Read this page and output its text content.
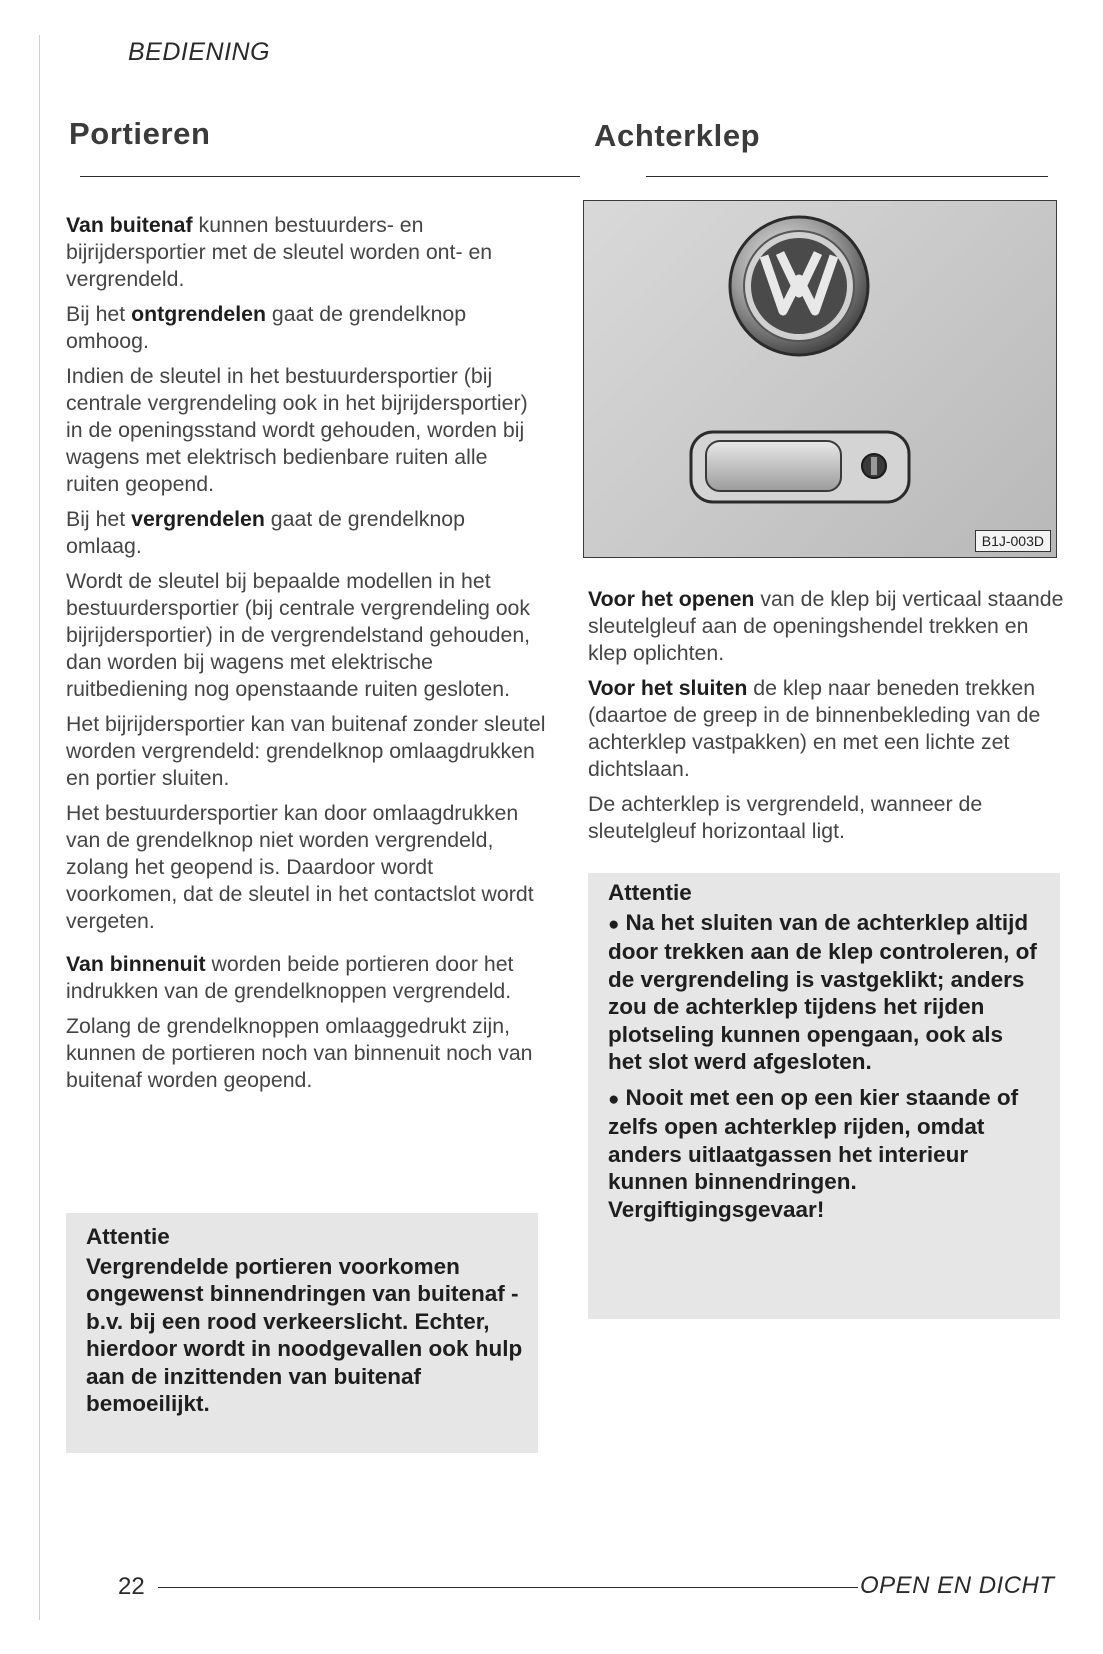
BEDIENING
Portieren

Van buitenaf kunnen bestuurders- en bijrijdersportier met de sleutel worden ont- en vergrendeld.

Bij het ontgrendelen gaat de grendelknop omhoog.

Indien de sleutel in het bestuurdersportier (bij centrale vergrendeling ook in het bijrijdersportier) in de openingsstand wordt gehouden, worden bij wagens met elektrisch bedienbare ruiten alle ruiten geopend.

Bij het vergrendelen gaat de grendelknop omlaag.

Wordt de sleutel bij bepaalde modellen in het bestuurdersportier (bij centrale vergrendeling ook bijrijdersportier) in de vergrendelstand gehouden, dan worden bij wagens met elektrische ruitbediening nog openstaande ruiten gesloten.

Het bijrijdersportier kan van buitenaf zonder sleutel worden vergrendeld: grendelknop omlaagdrukken en portier sluiten.

Het bestuurdersportier kan door omlaagdrukken van de grendelknop niet worden vergrendeld, zolang het geopend is. Daardoor wordt voorkomen, dat de sleutel in het contactslot wordt vergeten.

Van binnenuit worden beide portieren door het indrukken van de grendelknoppen vergrendeld.

Zolang de grendelknoppen omlaaggedrukt zijn, kunnen de portieren noch van binnenuit noch van buitenaf worden geopend.

Attentie

Vergrendelde portieren voorkomen ongewenst binnendringen van buitenaf - b.v. bij een rood verkeerslicht. Echter, hierdoor wordt in noodgevallen ook hulp aan de inzittenden van buitenaf bemoeilijkt.

Achterklep
B1J-003D

Voor het openen van de klep bij verticaal staande sleutelgleuf aan de openingshendel trekken en klep oplichten.

Voor het sluiten de klep naar beneden trekken (daartoe de greep in de binnenbekleding van de achterklep vastpakken) en met een lichte zet dichtslaan.

De achterklep is vergrendeld, wanneer de sleutelgleuf horizontaal ligt.

Attentie

● Na het sluiten van de achterklep altijd door trekken aan de klep controleren, of de vergrendeling is vastgeklikt; anders zou de achterklep tijdens het rijden plotseling kunnen opengaan, ook als het slot werd afgesloten.

● Nooit met een op een kier staande of zelfs open achterklep rijden, omdat anders uitlaatgassen het interieur kunnen binnendringen. Vergiftigingsgevaar!

22	OPEN EN DICHT
